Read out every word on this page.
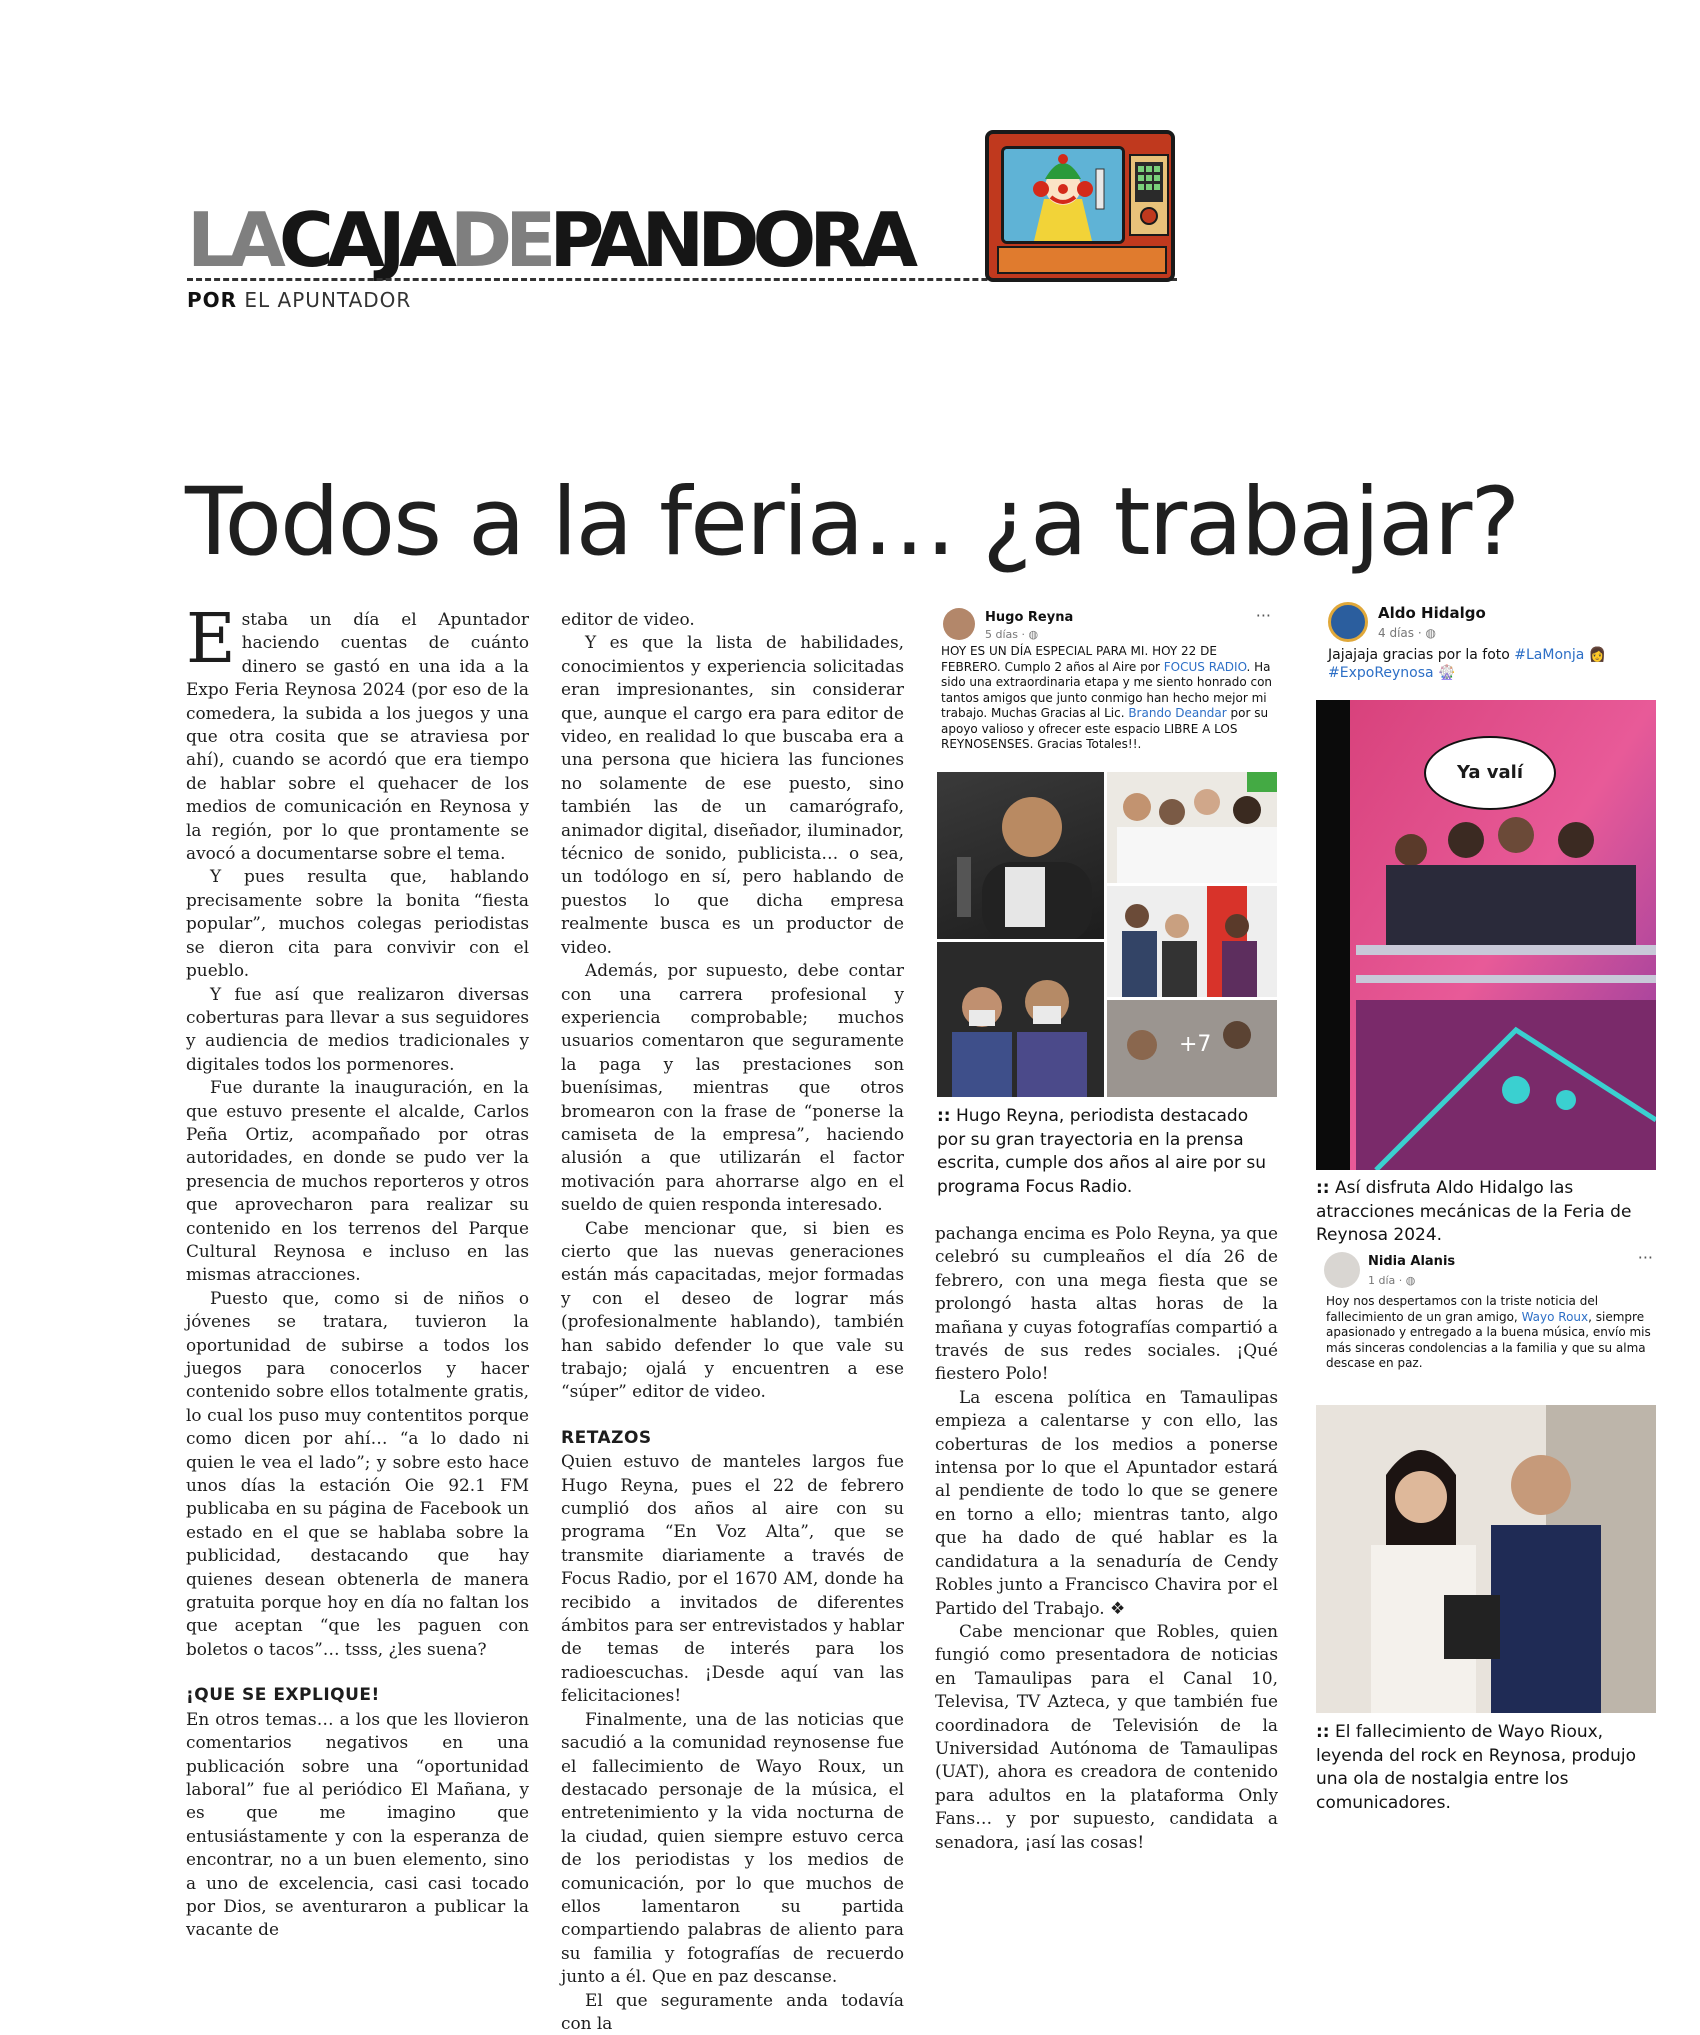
LACAJADEPANDORA
POR EL APUNTADOR
Todos a la feria… ¿a trabajar?

Estaba un día el Apuntador haciendo cuentas de cuánto dinero se gastó en una ida a la Expo Feria Reynosa 2024 (por eso de la comedera, la subida a los juegos y una que otra cosita que se atraviesa por ahí), cuando se acordó que era tiempo de hablar sobre el quehacer de los medios de comunicación en Reynosa y la región, por lo que prontamente se avocó a documentarse sobre el tema.

Y pues resulta que, hablando precisamente sobre la bonita “fiesta popular”, muchos colegas periodistas se dieron cita para convivir con el pueblo.

Y fue así que realizaron diversas coberturas para llevar a sus seguidores y audiencia de medios tradicionales y digitales todos los pormenores.

Fue durante la inauguración, en la que estuvo presente el alcalde, Carlos Peña Ortiz, acompañado por otras autoridades, en donde se pudo ver la presencia de muchos reporteros y otros que aprovecharon para realizar su contenido en los terrenos del Parque Cultural Reynosa e incluso en las mismas atracciones.

Puesto que, como si de niños o jóvenes se tratara, tuvieron la oportunidad de subirse a todos los juegos para conocerlos y hacer contenido sobre ellos totalmente gratis, lo cual los puso muy contentitos porque como dicen por ahí… “a lo dado ni quien le vea el lado”; y sobre esto hace unos días la estación Oie 92.1 FM publicaba en su página de Facebook un estado en el que se hablaba sobre la publicidad, destacando que hay quienes desean obtenerla de manera gratuita porque hoy en día no faltan los que aceptan “que les paguen con boletos o tacos”… tsss, ¿les suena?

¡QUE SE EXPLIQUE!

En otros temas… a los que les llovieron comentarios negativos en una publicación sobre una “oportunidad laboral” fue al periódico El Mañana, y es que me imagino que entusiástamente y con la esperanza de encontrar, no a un buen elemento, sino a uno de excelencia, casi casi tocado por Dios, se aventuraron a publicar la vacante de

editor de video.

Y es que la lista de habilidades, conocimientos y experiencia solicitadas eran impresionantes, sin considerar que, aunque el cargo era para editor de video, en realidad lo que buscaba era a una persona que hiciera las funciones no solamente de ese puesto, sino también las de un camarógrafo, animador digital, diseñador, iluminador, técnico de sonido, publicista… o sea, un todólogo en sí, pero hablando de puestos lo que dicha empresa realmente busca es un productor de video.

Además, por supuesto, debe contar con una carrera profesional y experiencia comprobable; muchos usuarios comentaron que seguramente la paga y las prestaciones son buenísimas, mientras que otros bromearon con la frase de “ponerse la camiseta de la empresa”, haciendo alusión a que utilizarán el factor motivación para ahorrarse algo en el sueldo de quien responda interesado.

Cabe mencionar que, si bien es cierto que las nuevas generaciones están más capacitadas, mejor formadas y con el deseo de lograr más (profesionalmente hablando), también han sabido defender lo que vale su trabajo; ojalá y encuentren a ese “súper” editor de video.

RETAZOS

Quien estuvo de manteles largos fue Hugo Reyna, pues el 22 de febrero cumplió dos años al aire con su programa “En Voz Alta”, que se transmite diariamente a través de Focus Radio, por el 1670 AM, donde ha recibido a invitados de diferentes ámbitos para ser entrevistados y hablar de temas de interés para los radioescuchas. ¡Desde aquí van las felicitaciones!

Finalmente, una de las noticias que sacudió a la comunidad reynosense fue el fallecimiento de Wayo Roux, un destacado personaje de la música, el entretenimiento y la vida nocturna de la ciudad, quien siempre estuvo cerca de los periodistas y los medios de comunicación, por lo que muchos de ellos lamentaron su partida compartiendo palabras de aliento para su familia y fotografías de recuerdo junto a él. Que en paz descanse.

El que seguramente anda todavía con la

pachanga encima es Polo Reyna, ya que celebró su cumpleaños el día 26 de febrero, con una mega fiesta que se prolongó hasta altas horas de la mañana y cuyas fotografías compartió a través de sus redes sociales. ¡Qué fiestero Polo!

La escena política en Tamaulipas empieza a calentarse y con ello, las coberturas de los medios a ponerse intensa por lo que el Apuntador estará al pendiente de todo lo que se genere en torno a ello; mientras tanto, algo que ha dado de qué hablar es la candidatura a la senaduría de Cendy Robles junto a Francisco Chavira por el Partido del Trabajo. ❖

Cabe mencionar que Robles, quien fungió como presentadora de noticias en Tamaulipas para el Canal 10, Televisa, TV Azteca, y que también fue coordinadora de Televisión de la Universidad Autónoma de Tamaulipas (UAT), ahora es creadora de contenido para adultos en la plataforma Only Fans… y por supuesto, candidata a senadora, ¡así las cosas!

Hugo Reyna
5 días · ◍
···
HOY ES UN DÍA ESPECIAL PARA MI. HOY 22 DE FEBRERO. Cumplo 2 años al Aire por FOCUS RADIO. Ha sido una extraordinaria etapa y me siento honrado con tantos amigos que junto conmigo han hecho mejor mi trabajo. Muchas Gracias al Lic. Brando Deandar por su apoyo valioso y ofrecer este espacio LIBRE A LOS REYNOSENSES. Gracias Totales!!.
+7
:: Hugo Reyna, periodista destacado por su gran trayectoria en la prensa escrita, cumple dos años al aire por su programa Focus Radio.
Aldo Hidalgo
4 días · ◍
Jajajaja gracias por la foto #LaMonja 👩
#ExpoReynosa 🎡
Ya valí
:: Así disfruta Aldo Hidalgo las atracciones mecánicas de la Feria de Reynosa 2024.
Nidia Alanis
1 día · ◍
···
Hoy nos despertamos con la triste noticia del fallecimiento de un gran amigo, Wayo Roux, siempre apasionado y entregado a la buena música, envío mis más sinceras condolencias a la familia y que su alma descase en paz.
:: El fallecimiento de Wayo Rioux, leyenda del rock en Reynosa, produjo una ola de nostalgia entre los comunicadores.
